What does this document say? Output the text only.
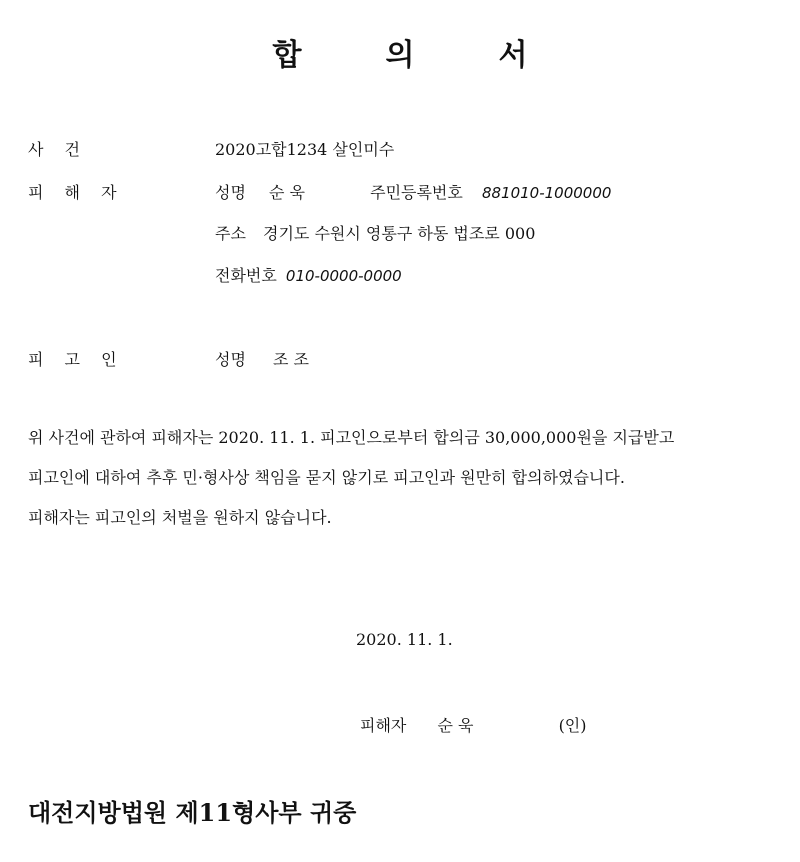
합	의	서
사 건	2020고합1234 살인미수
피 해 자	성명 순 욱	주민등록번호 881010-1000000
주소 경기도 수원시 영통구 하동 법조로 000
전화번호 010-0000-0000
피 고 인	성명 조 조

위 사건에 관하여 피해자는 2020. 11. 1. 피고인으로부터 합의금 30,000,000원을 지급받고

피고인에 대하여 추후 민·형사상 책임을 묻지 않기로 피고인과 원만히 합의하였습니다.

피해자는 피고인의 처벌을 원하지 않습니다.

2020. 11. 1.
피해자 순 욱	(인)
대전지방법원 제11형사부 귀중
